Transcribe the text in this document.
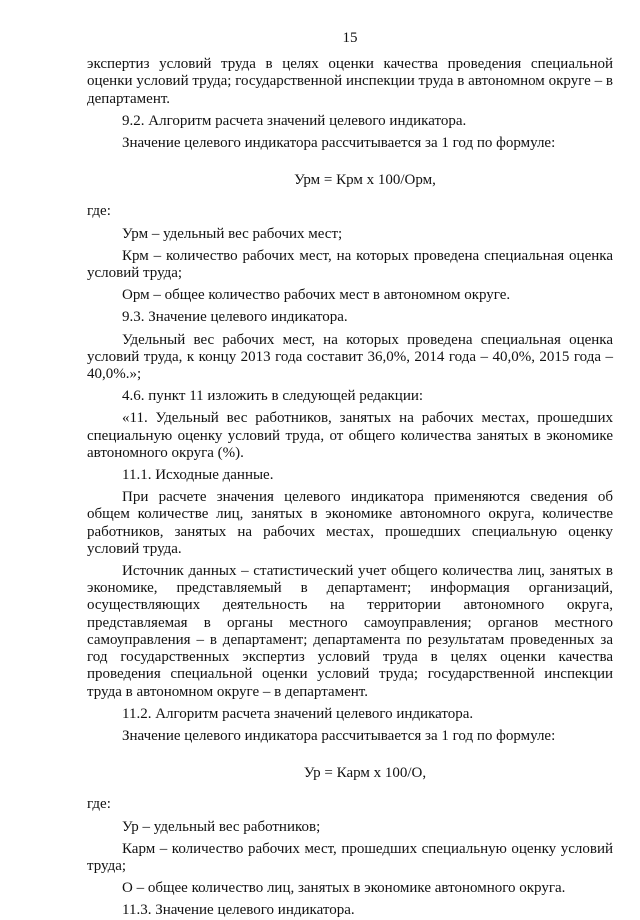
15

экспертиз условий труда в целях оценки качества проведения специальной оценки условий труда; государственной инспекции труда в автономном округе – в департамент.

9.2. Алгоритм расчета значений целевого индикатора.

Значение целевого индикатора рассчитывается за 1 год по формуле:

Урм = Крм х 100/Орм,

где:

Урм – удельный вес рабочих мест;

Крм – количество рабочих мест, на которых проведена специальная оценка условий труда;

Орм – общее количество рабочих мест в автономном округе.

9.3. Значение целевого индикатора.

Удельный вес рабочих мест, на которых проведена специальная оценка условий труда, к концу 2013 года составит 36,0%, 2014 года – 40,0%, 2015 года – 40,0%.»;

4.6. пункт 11 изложить в следующей редакции:

«11. Удельный вес работников, занятых на рабочих местах, прошедших специальную оценку условий труда, от общего количества занятых в экономике автономного округа (%).

11.1. Исходные данные.

При расчете значения целевого индикатора применяются сведения об общем количестве лиц, занятых в экономике автономного округа, количестве работников, занятых на рабочих местах, прошедших специальную оценку условий труда.

Источник данных – статистический учет общего количества лиц, занятых в экономике, представляемый в департамент; информация организаций, осуществляющих деятельность на территории автономного округа, представляемая в органы местного самоуправления; органов местного самоуправления – в департамент; департамента по результатам проведенных за год государственных экспертиз условий труда в целях оценки качества проведения специальной оценки условий труда; государственной инспекции труда в автономном округе – в департамент.

11.2. Алгоритм расчета значений целевого индикатора.

Значение целевого индикатора рассчитывается за 1 год по формуле:

Ур = Карм х 100/О,

где:

Ур – удельный вес работников;

Карм – количество рабочих мест, прошедших специальную оценку условий труда;

О – общее количество лиц, занятых в экономике автономного округа.

11.3. Значение целевого индикатора.
